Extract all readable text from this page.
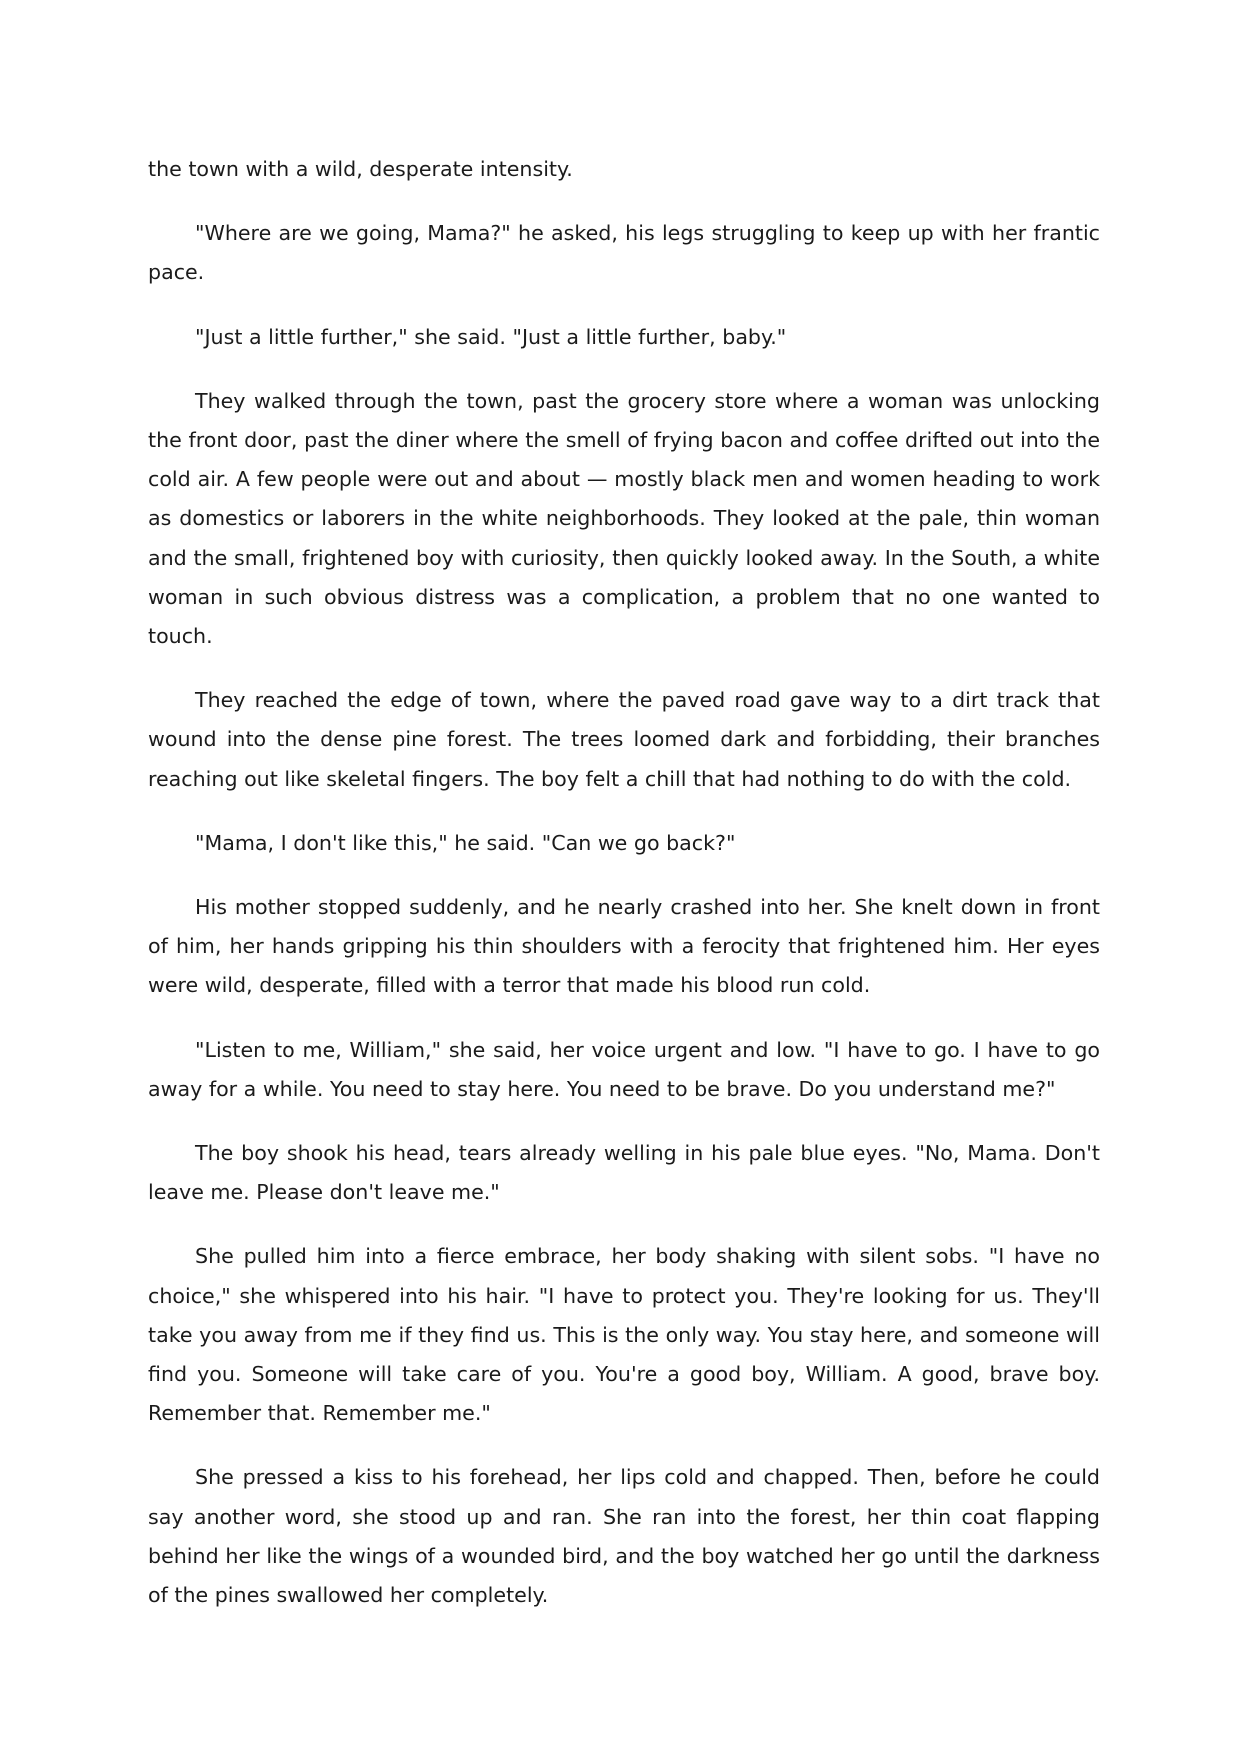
the town with a wild, desperate intensity.

"Where are we going, Mama?" he asked, his legs struggling to keep up with her frantic pace.

"Just a little further," she said. "Just a little further, baby."

They walked through the town, past the grocery store where a woman was unlocking the front door, past the diner where the smell of frying bacon and coffee drifted out into the cold air. A few people were out and about — mostly black men and women heading to work as domestics or laborers in the white neighborhoods. They looked at the pale, thin woman and the small, frightened boy with curiosity, then quickly looked away. In the South, a white woman in such obvious distress was a complication, a problem that no one wanted to touch.

They reached the edge of town, where the paved road gave way to a dirt track that wound into the dense pine forest. The trees loomed dark and forbidding, their branches reaching out like skeletal fingers. The boy felt a chill that had nothing to do with the cold.

"Mama, I don't like this," he said. "Can we go back?"

His mother stopped suddenly, and he nearly crashed into her. She knelt down in front of him, her hands gripping his thin shoulders with a ferocity that frightened him. Her eyes were wild, desperate, filled with a terror that made his blood run cold.

"Listen to me, William," she said, her voice urgent and low. "I have to go. I have to go away for a while. You need to stay here. You need to be brave. Do you understand me?"

The boy shook his head, tears already welling in his pale blue eyes. "No, Mama. Don't leave me. Please don't leave me."

She pulled him into a fierce embrace, her body shaking with silent sobs. "I have no choice," she whispered into his hair. "I have to protect you. They're looking for us. They'll take you away from me if they find us. This is the only way. You stay here, and someone will find you. Someone will take care of you. You're a good boy, William. A good, brave boy. Remember that. Remember me."

She pressed a kiss to his forehead, her lips cold and chapped. Then, before he could say another word, she stood up and ran. She ran into the forest, her thin coat flapping behind her like the wings of a wounded bird, and the boy watched her go until the darkness of the pines swallowed her completely.
